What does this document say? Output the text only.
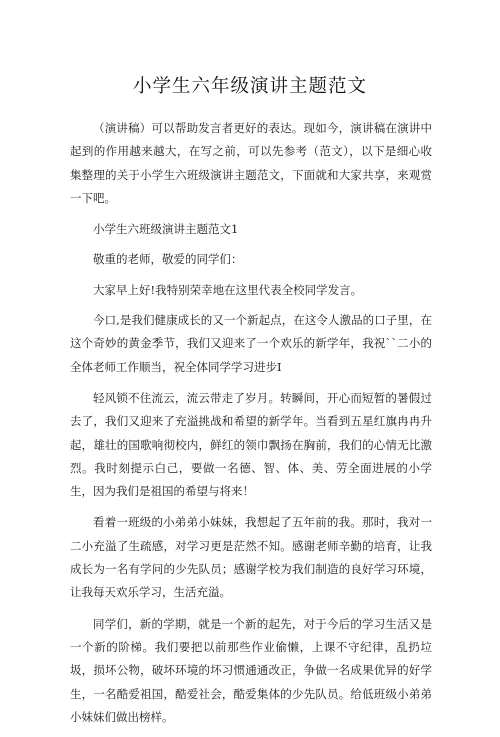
小学生六年级演讲主题范文

（演讲稿）可以帮助发言者更好的表达。现如今，演讲稿在演讲中起到的作用越来越大，在写之前，可以先参考（范文），以下是细心收集整理的关于小学生六班级演讲主题范文，下面就和大家共享，来观赏一下吧。

小学生六班级演讲主题范文1

敬重的老师，敬爱的同学们：

大家早上好!我特别荣幸地在这里代表全校同学发言。

今口,是我们健康成长的又一个新起点，在这令人激品的口子里，在这个奇妙的黄金季节，我们又迎来了一个欢乐的新学年，我祝``二小的全体老师工作顺当，祝全体同学学习进步I

轻风锁不住流云，流云带走了岁月。转瞬间，开心而短暂的暑假过去了，我们又迎来了充溢挑战和希望的新学年。当看到五星红旗冉冉升起，雄壮的国歌响彻校内，鲜红的领巾飘扬在胸前，我们的心情无比激烈。我时刻提示白己，要做一名德、智、体、美、劳全面进展的小学生，因为我们是祖国的希望与将来！

看着一班级的小弟弟小妹妹，我想起了五年前的我。那时，我对一二小充溢了生疏感，对学习更是茫然不知。感谢老师辛勤的培育，让我成长为一名有学问的少先队员；感谢学校为我们制造的良好学习环境，让我每天欢乐学习，生活充溢。

同学们，新的学期，就是一个新的起先，对于今后的学习生活又是一个新的阶梯。我们要把以前那些作业偷懒，上课不守纪律，乱扔垃圾，损坏公物，破坏环境的坏习惯通通改正，争做一名成果优异的好学生，一名酷爱祖国，酷爱社会，酷爱集体的少先队员。给低班级小弟弟小妹妹们做出榜样。
